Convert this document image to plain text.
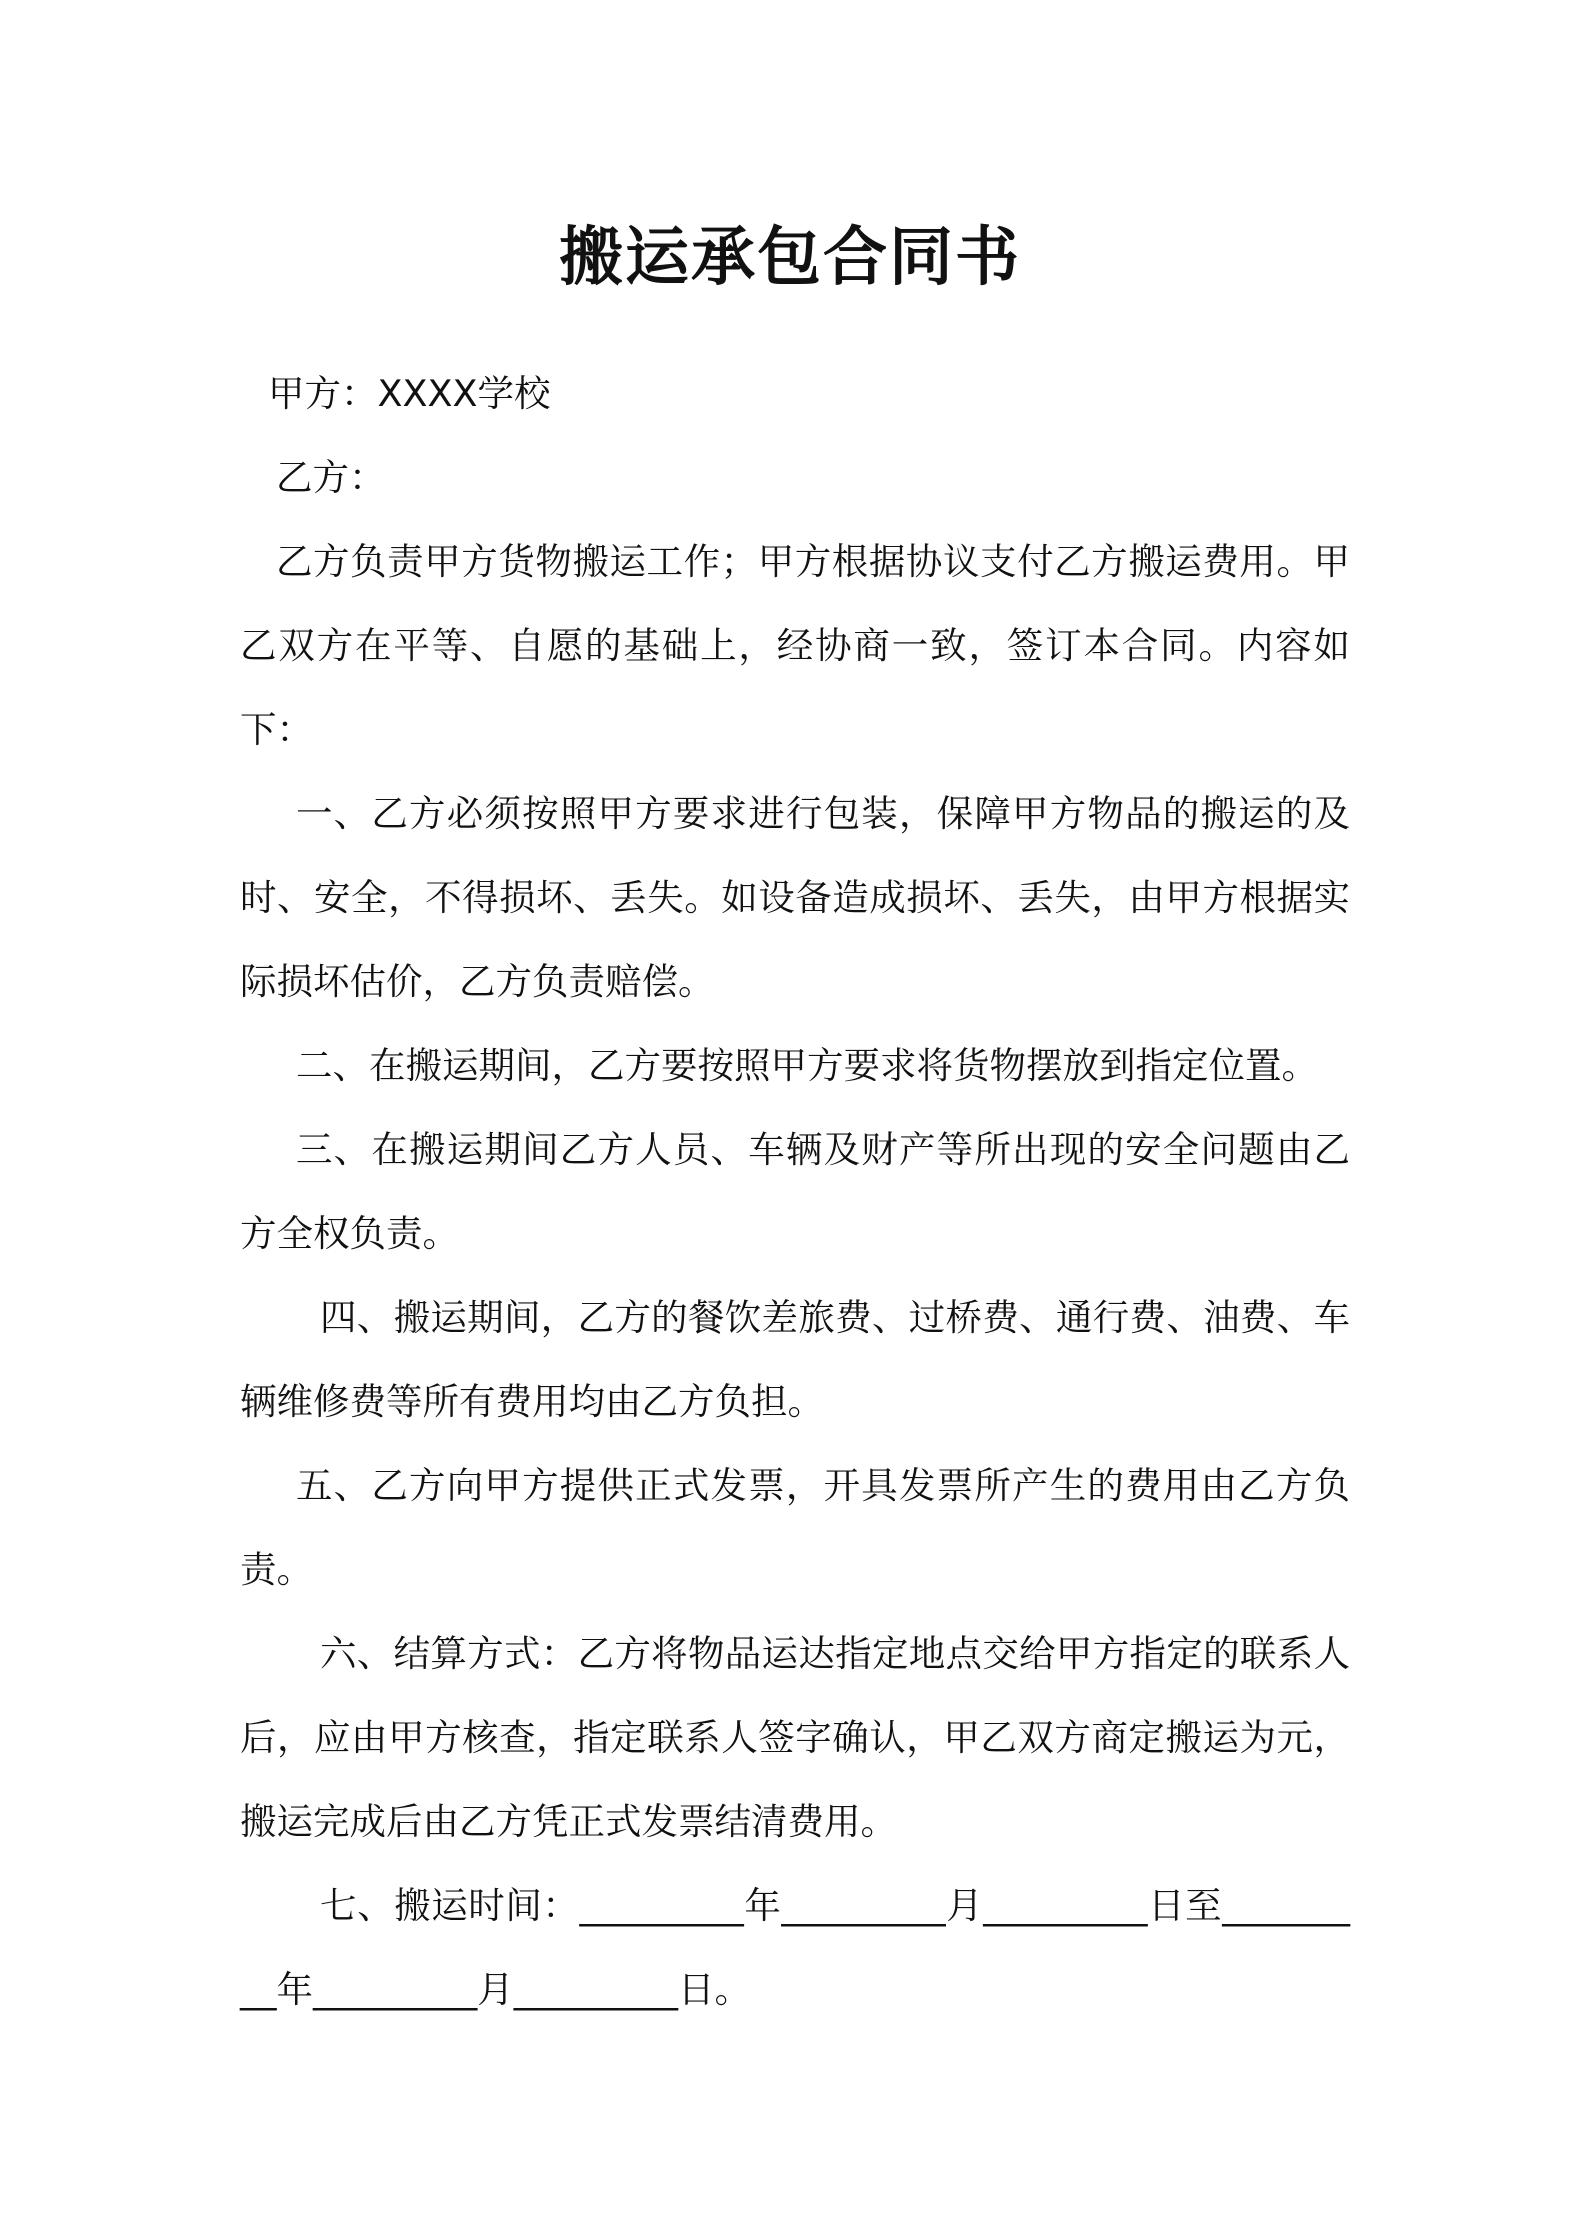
搬运承包合同书
甲方：XXXX学校
乙方：
乙方负责甲方货物搬运工作；甲方根据协议支付乙方搬运费用。甲乙双方在平等、自愿的基础上，经协商一致，签订本合同。内容如下：
一、乙方必须按照甲方要求进行包装，保障甲方物品的搬运的及时、安全，不得损坏、丢失。如设备造成损坏、丢失，由甲方根据实际损坏估价，乙方负责赔偿。
二、在搬运期间，乙方要按照甲方要求将货物摆放到指定位置。
三、在搬运期间乙方人员、车辆及财产等所出现的安全问题由乙方全权负责。
四、搬运期间，乙方的餐饮差旅费、过桥费、通行费、油费、车辆维修费等所有费用均由乙方负担。
五、乙方向甲方提供正式发票，开具发票所产生的费用由乙方负责。
六、结算方式：乙方将物品运达指定地点交给甲方指定的联系人后，应由甲方核查，指定联系人签字确认，甲乙双方商定搬运为元，搬运完成后由乙方凭正式发票结清费用。
七、搬运时间：_________年_________月_________日至_________年_________月_________日。
